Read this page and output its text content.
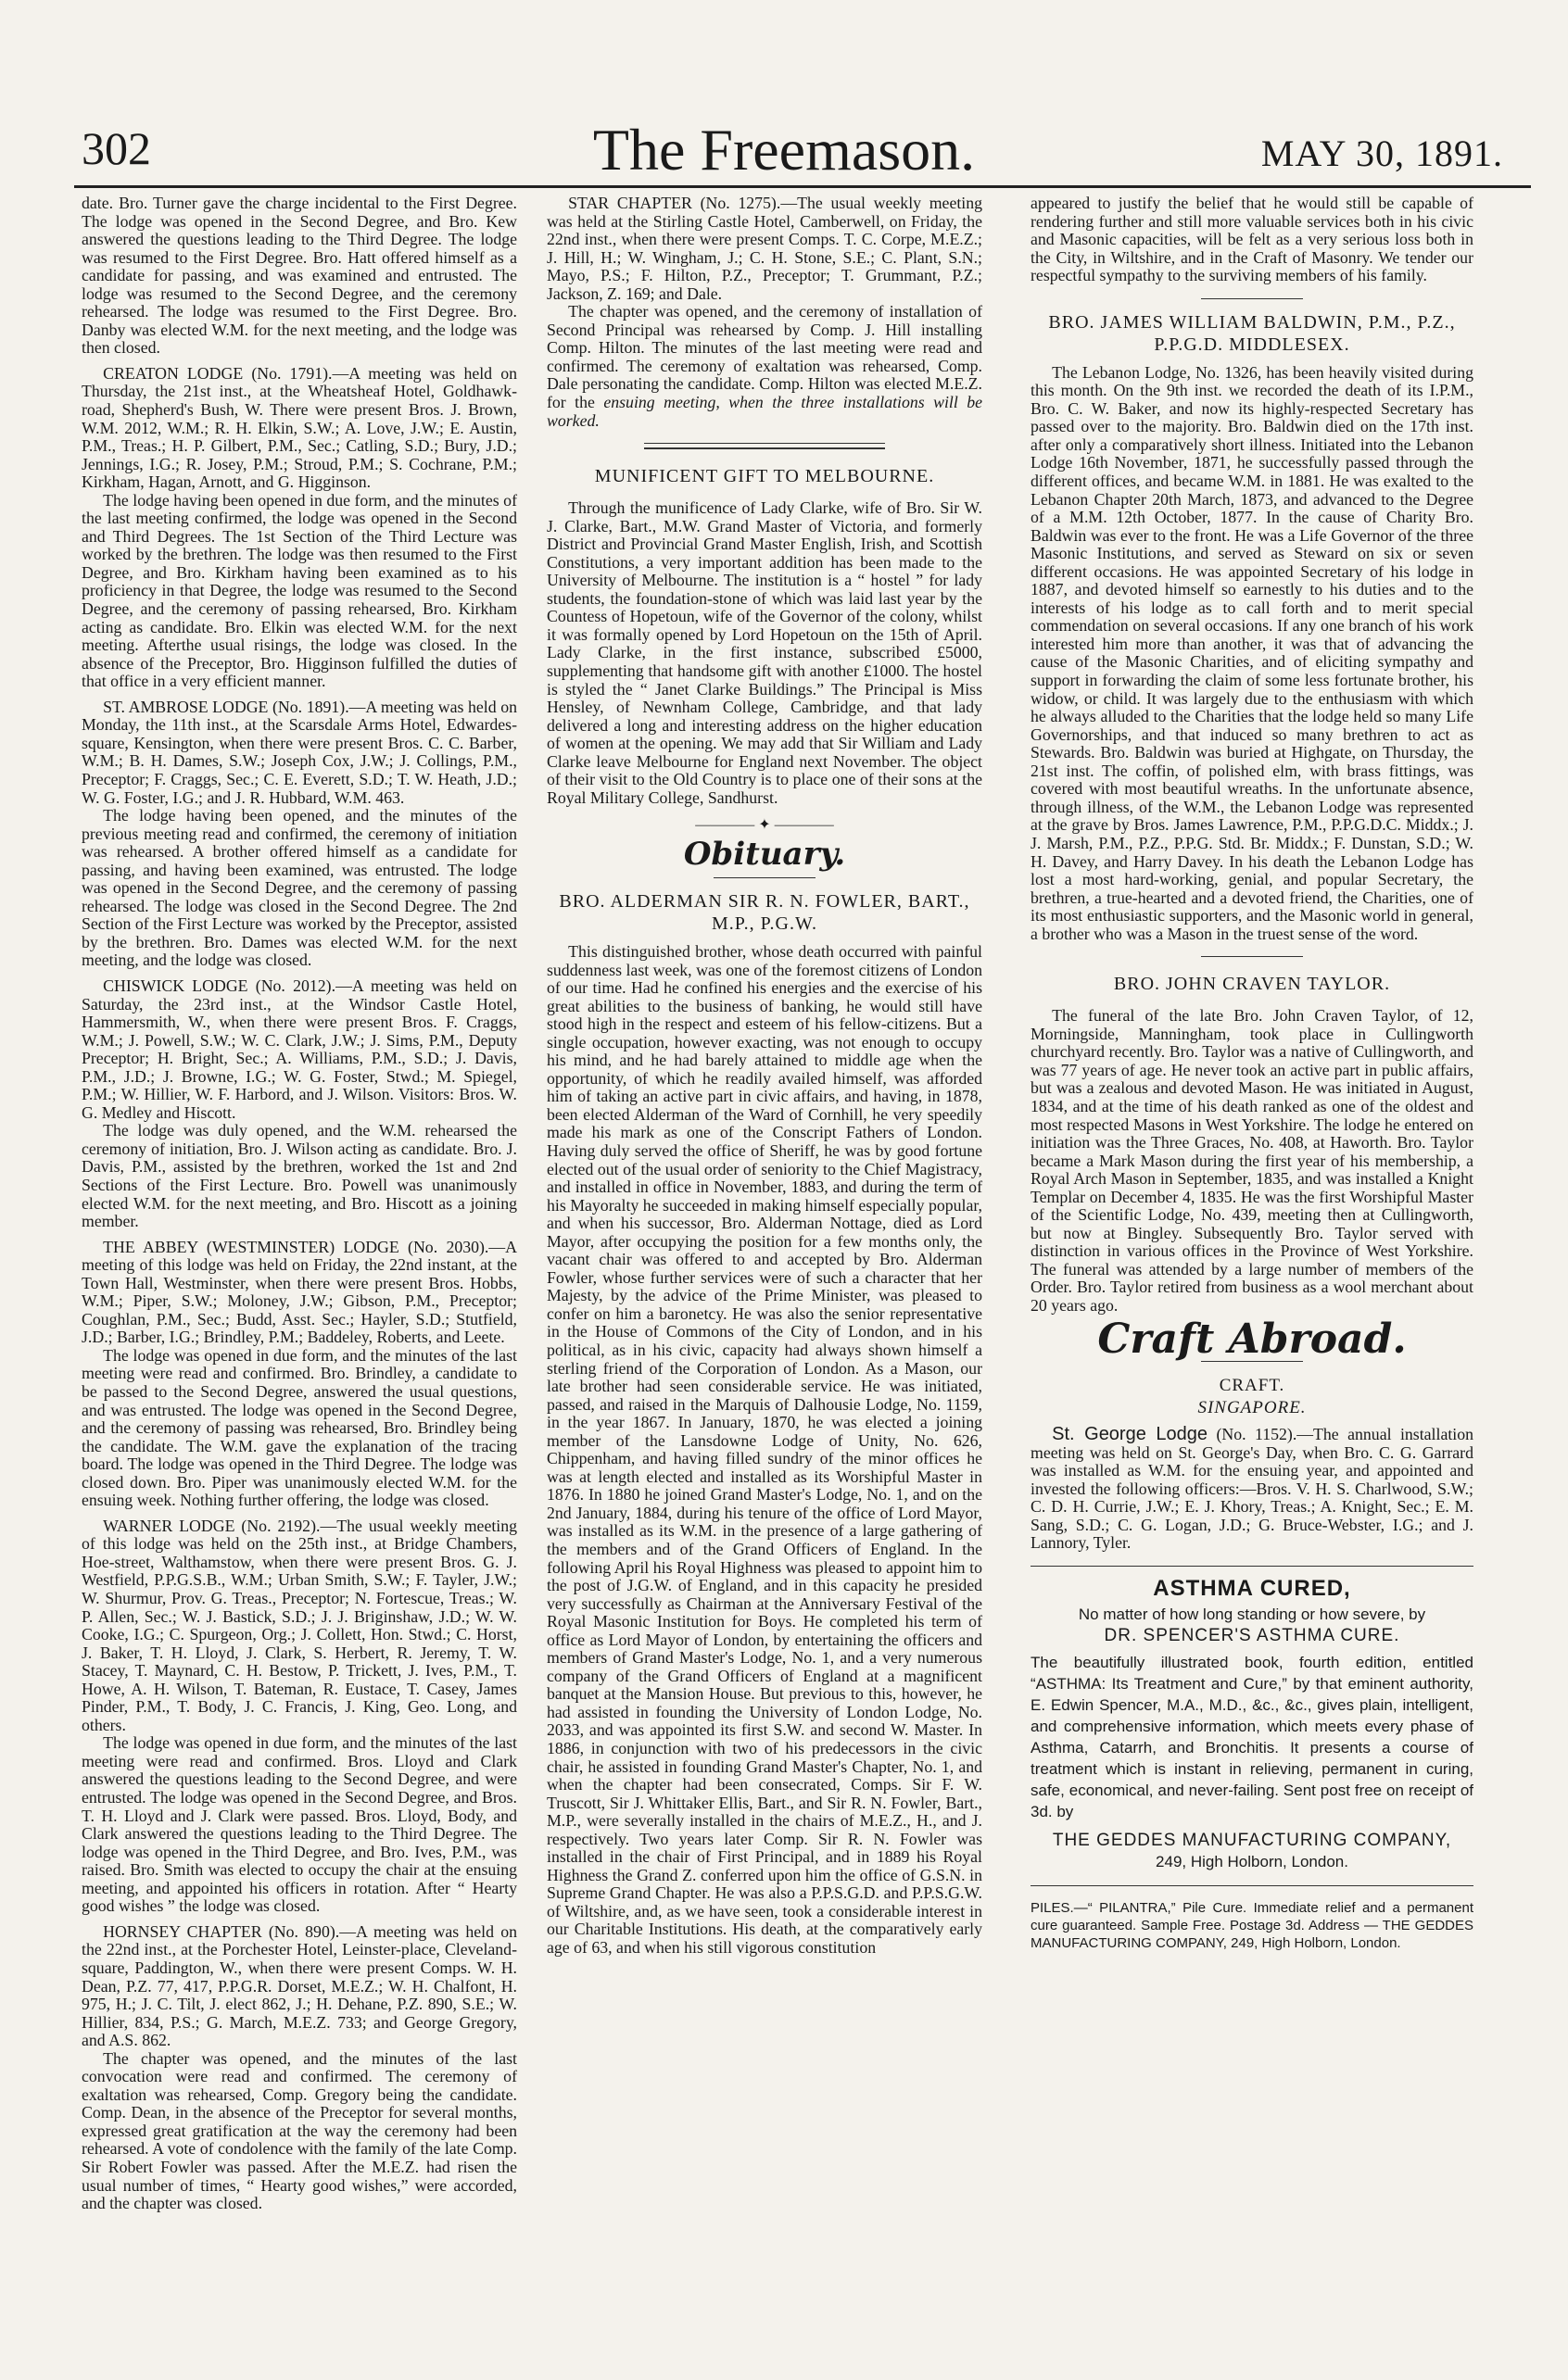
302	The Freemason.	MAY 30, 1891.

date. Bro. Turner gave the charge incidental to the First Degree. The lodge was opened in the Second Degree, and Bro. Kew answered the questions leading to the Third Degree. The lodge was resumed to the First Degree. Bro. Hatt offered himself as a candidate for passing, and was examined and entrusted. The lodge was resumed to the Second Degree, and the ceremony rehearsed. The lodge was resumed to the First Degree. Bro. Danby was elected W.M. for the next meeting, and the lodge was then closed.

CREATON LODGE (No. 1791).—A meeting was held on Thursday, the 21st inst., at the Wheatsheaf Hotel, Goldhawk-road, Shepherd's Bush, W. There were present Bros. J. Brown, W.M. 2012, W.M.; R. H. Elkin, S.W.; A. Love, J.W.; E. Austin, P.M., Treas.; H. P. Gilbert, P.M., Sec.; Catling, S.D.; Bury, J.D.; Jennings, I.G.; R. Josey, P.M.; Stroud, P.M.; S. Cochrane, P.M.; Kirkham, Hagan, Arnott, and G. Higginson.

The lodge having been opened in due form, and the minutes of the last meeting confirmed, the lodge was opened in the Second and Third Degrees. The 1st Section of the Third Lecture was worked by the brethren. The lodge was then resumed to the First Degree, and Bro. Kirkham having been examined as to his proficiency in that Degree, the lodge was resumed to the Second Degree, and the ceremony of passing rehearsed, Bro. Kirkham acting as candidate. Bro. Elkin was elected W.M. for the next meeting. Afterthe usual risings, the lodge was closed. In the absence of the Preceptor, Bro. Higginson fulfilled the duties of that office in a very efficient manner.

ST. AMBROSE LODGE (No. 1891).—A meeting was held on Monday, the 11th inst., at the Scarsdale Arms Hotel, Edwardes-square, Kensington, when there were present Bros. C. C. Barber, W.M.; B. H. Dames, S.W.; Joseph Cox, J.W.; J. Collings, P.M., Preceptor; F. Craggs, Sec.; C. E. Everett, S.D.; T. W. Heath, J.D.; W. G. Foster, I.G.; and J. R. Hubbard, W.M. 463.

The lodge having been opened, and the minutes of the previous meeting read and confirmed, the ceremony of initiation was rehearsed. A brother offered himself as a candidate for passing, and having been examined, was entrusted. The lodge was opened in the Second Degree, and the ceremony of passing rehearsed. The lodge was closed in the Second Degree. The 2nd Section of the First Lecture was worked by the Preceptor, assisted by the brethren. Bro. Dames was elected W.M. for the next meeting, and the lodge was closed.

CHISWICK LODGE (No. 2012).—A meeting was held on Saturday, the 23rd inst., at the Windsor Castle Hotel, Hammersmith, W., when there were present Bros. F. Craggs, W.M.; J. Powell, S.W.; W. C. Clark, J.W.; J. Sims, P.M., Deputy Preceptor; H. Bright, Sec.; A. Williams, P.M., S.D.; J. Davis, P.M., J.D.; J. Browne, I.G.; W. G. Foster, Stwd.; M. Spiegel, P.M.; W. Hillier, W. F. Harbord, and J. Wilson. Visitors: Bros. W. G. Medley and Hiscott.

The lodge was duly opened, and the W.M. rehearsed the ceremony of initiation, Bro. J. Wilson acting as candidate. Bro. J. Davis, P.M., assisted by the brethren, worked the 1st and 2nd Sections of the First Lecture. Bro. Powell was unanimously elected W.M. for the next meeting, and Bro. Hiscott as a joining member.

THE ABBEY (WESTMINSTER) LODGE (No. 2030).—A meeting of this lodge was held on Friday, the 22nd instant, at the Town Hall, Westminster, when there were present Bros. Hobbs, W.M.; Piper, S.W.; Moloney, J.W.; Gibson, P.M., Preceptor; Coughlan, P.M., Sec.; Budd, Asst. Sec.; Hayler, S.D.; Stutfield, J.D.; Barber, I.G.; Brindley, P.M.; Baddeley, Roberts, and Leete.

The lodge was opened in due form, and the minutes of the last meeting were read and confirmed. Bro. Brindley, a candidate to be passed to the Second Degree, answered the usual questions, and was entrusted. The lodge was opened in the Second Degree, and the ceremony of passing was rehearsed, Bro. Brindley being the candidate. The W.M. gave the explanation of the tracing board. The lodge was opened in the Third Degree. The lodge was closed down. Bro. Piper was unanimously elected W.M. for the ensuing week. Nothing further offering, the lodge was closed.

WARNER LODGE (No. 2192).—The usual weekly meeting of this lodge was held on the 25th inst., at Bridge Chambers, Hoe-street, Walthamstow, when there were present Bros. G. J. Westfield, P.P.G.S.B., W.M.; Urban Smith, S.W.; F. Tayler, J.W.; W. Shurmur, Prov. G. Treas., Preceptor; N. Fortescue, Treas.; W. P. Allen, Sec.; W. J. Bastick, S.D.; J. J. Briginshaw, J.D.; W. W. Cooke, I.G.; C. Spurgeon, Org.; J. Collett, Hon. Stwd.; C. Horst, J. Baker, T. H. Lloyd, J. Clark, S. Herbert, R. Jeremy, T. W. Stacey, T. Maynard, C. H. Bestow, P. Trickett, J. Ives, P.M., T. Howe, A. H. Wilson, T. Bateman, R. Eustace, T. Casey, James Pinder, P.M., T. Body, J. C. Francis, J. King, Geo. Long, and others.

The lodge was opened in due form, and the minutes of the last meeting were read and confirmed. Bros. Lloyd and Clark answered the questions leading to the Second Degree, and were entrusted. The lodge was opened in the Second Degree, and Bros. T. H. Lloyd and J. Clark were passed. Bros. Lloyd, Body, and Clark answered the questions leading to the Third Degree. The lodge was opened in the Third Degree, and Bro. Ives, P.M., was raised. Bro. Smith was elected to occupy the chair at the ensuing meeting, and appointed his officers in rotation. After “ Hearty good wishes ” the lodge was closed.

HORNSEY CHAPTER (No. 890).—A meeting was held on the 22nd inst., at the Porchester Hotel, Leinster-place, Cleveland-square, Paddington, W., when there were present Comps. W. H. Dean, P.Z. 77, 417, P.P.G.R. Dorset, M.E.Z.; W. H. Chalfont, H. 975, H.; J. C. Tilt, J. elect 862, J.; H. Dehane, P.Z. 890, S.E.; W. Hillier, 834, P.S.; G. March, M.E.Z. 733; and George Gregory, and A.S. 862.

The chapter was opened, and the minutes of the last convocation were read and confirmed. The ceremony of exaltation was rehearsed, Comp. Gregory being the candidate. Comp. Dean, in the absence of the Preceptor for several months, expressed great gratification at the way the ceremony had been rehearsed. A vote of condolence with the family of the late Comp. Sir Robert Fowler was passed. After the M.E.Z. had risen the usual number of times, “ Hearty good wishes,” were accorded, and the chapter was closed.

STAR CHAPTER (No. 1275).—The usual weekly meeting was held at the Stirling Castle Hotel, Camberwell, on Friday, the 22nd inst., when there were present Comps. T. C. Corpe, M.E.Z.; J. Hill, H.; W. Wingham, J.; C. H. Stone, S.E.; C. Plant, S.N.; Mayo, P.S.; F. Hilton, P.Z., Preceptor; T. Grummant, P.Z.; Jackson, Z. 169; and Dale.

The chapter was opened, and the ceremony of installation of Second Principal was rehearsed by Comp. J. Hill installing Comp. Hilton. The minutes of the last meeting were read and confirmed. The ceremony of exaltation was rehearsed, Comp. Dale personating the candidate. Comp. Hilton was elected M.E.Z. for the ensuing meeting, when the three installations will be worked.

MUNIFICENT GIFT TO MELBOURNE.

Through the munificence of Lady Clarke, wife of Bro. Sir W. J. Clarke, Bart., M.W. Grand Master of Victoria, and formerly District and Provincial Grand Master English, Irish, and Scottish Constitutions, a very important addition has been made to the University of Melbourne. The institution is a “ hostel ” for lady students, the foundation-stone of which was laid last year by the Countess of Hopetoun, wife of the Governor of the colony, whilst it was formally opened by Lord Hopetoun on the 15th of April. Lady Clarke, in the first instance, subscribed £5000, supplementing that handsome gift with another £1000. The hostel is styled the “ Janet Clarke Buildings.” The Principal is Miss Hensley, of Newnham College, Cambridge, and that lady delivered a long and interesting address on the higher education of women at the opening. We may add that Sir William and Lady Clarke leave Melbourne for England next November. The object of their visit to the Old Country is to place one of their sons at the Royal Military College, Sandhurst.

———— ✦ ————
Obituary.
BRO. ALDERMAN SIR R. N. FOWLER, BART.,
M.P., P.G.W.

This distinguished brother, whose death occurred with painful suddenness last week, was one of the foremost citizens of London of our time. Had he confined his energies and the exercise of his great abilities to the business of banking, he would still have stood high in the respect and esteem of his fellow-citizens. But a single occupation, however exacting, was not enough to occupy his mind, and he had barely attained to middle age when the opportunity, of which he readily availed himself, was afforded him of taking an active part in civic affairs, and having, in 1878, been elected Alderman of the Ward of Cornhill, he very speedily made his mark as one of the Conscript Fathers of London. Having duly served the office of Sheriff, he was by good fortune elected out of the usual order of seniority to the Chief Magistracy, and installed in office in November, 1883, and during the term of his Mayoralty he succeeded in making himself especially popular, and when his successor, Bro. Alderman Nottage, died as Lord Mayor, after occupying the position for a few months only, the vacant chair was offered to and accepted by Bro. Alderman Fowler, whose further services were of such a character that her Majesty, by the advice of the Prime Minister, was pleased to confer on him a baronetcy. He was also the senior representative in the House of Commons of the City of London, and in his political, as in his civic, capacity had always shown himself a sterling friend of the Corporation of London. As a Mason, our late brother had seen considerable service. He was initiated, passed, and raised in the Marquis of Dalhousie Lodge, No. 1159, in the year 1867. In January, 1870, he was elected a joining member of the Lansdowne Lodge of Unity, No. 626, Chippenham, and having filled sundry of the minor offices he was at length elected and installed as its Worshipful Master in 1876. In 1880 he joined Grand Master's Lodge, No. 1, and on the 2nd January, 1884, during his tenure of the office of Lord Mayor, was installed as its W.M. in the presence of a large gathering of the members and of the Grand Officers of England. In the following April his Royal Highness was pleased to appoint him to the post of J.G.W. of England, and in this capacity he presided very successfully as Chairman at the Anniversary Festival of the Royal Masonic Institution for Boys. He completed his term of office as Lord Mayor of London, by entertaining the officers and members of Grand Master's Lodge, No. 1, and a very numerous company of the Grand Officers of England at a magnificent banquet at the Mansion House. But previous to this, however, he had assisted in founding the University of London Lodge, No. 2033, and was appointed its first S.W. and second W. Master. In 1886, in conjunction with two of his predecessors in the civic chair, he assisted in founding Grand Master's Chapter, No. 1, and when the chapter had been consecrated, Comps. Sir F. W. Truscott, Sir J. Whittaker Ellis, Bart., and Sir R. N. Fowler, Bart., M.P., were severally installed in the chairs of M.E.Z., H., and J. respectively. Two years later Comp. Sir R. N. Fowler was installed in the chair of First Principal, and in 1889 his Royal Highness the Grand Z. conferred upon him the office of G.S.N. in Supreme Grand Chapter. He was also a P.P.S.G.D. and P.P.S.G.W. of Wiltshire, and, as we have seen, took a considerable interest in our Charitable Institutions. His death, at the comparatively early age of 63, and when his still vigorous constitution

appeared to justify the belief that he would still be capable of rendering further and still more valuable services both in his civic and Masonic capacities, will be felt as a very serious loss both in the City, in Wiltshire, and in the Craft of Masonry. We tender our respectful sympathy to the surviving members of his family.

BRO. JAMES WILLIAM BALDWIN, P.M., P.Z.,
P.P.G.D. MIDDLESEX.

The Lebanon Lodge, No. 1326, has been heavily visited during this month. On the 9th inst. we recorded the death of its I.P.M., Bro. C. W. Baker, and now its highly-respected Secretary has passed over to the majority. Bro. Baldwin died on the 17th inst. after only a comparatively short illness. Initiated into the Lebanon Lodge 16th November, 1871, he successfully passed through the different offices, and became W.M. in 1881. He was exalted to the Lebanon Chapter 20th March, 1873, and advanced to the Degree of a M.M. 12th October, 1877. In the cause of Charity Bro. Baldwin was ever to the front. He was a Life Governor of the three Masonic Institutions, and served as Steward on six or seven different occasions. He was appointed Secretary of his lodge in 1887, and devoted himself so earnestly to his duties and to the interests of his lodge as to call forth and to merit special commendation on several occasions. If any one branch of his work interested him more than another, it was that of advancing the cause of the Masonic Charities, and of eliciting sympathy and support in forwarding the claim of some less fortunate brother, his widow, or child. It was largely due to the enthusiasm with which he always alluded to the Charities that the lodge held so many Life Governorships, and that induced so many brethren to act as Stewards. Bro. Baldwin was buried at Highgate, on Thursday, the 21st inst. The coffin, of polished elm, with brass fittings, was covered with most beautiful wreaths. In the unfortunate absence, through illness, of the W.M., the Lebanon Lodge was represented at the grave by Bros. James Lawrence, P.M., P.P.G.D.C. Middx.; J. J. Marsh, P.M., P.Z., P.P.G. Std. Br. Middx.; F. Dunstan, S.D.; W. H. Davey, and Harry Davey. In his death the Lebanon Lodge has lost a most hard-working, genial, and popular Secretary, the brethren, a true-hearted and a devoted friend, the Charities, one of its most enthusiastic supporters, and the Masonic world in general, a brother who was a Mason in the truest sense of the word.

BRO. JOHN CRAVEN TAYLOR.

The funeral of the late Bro. John Craven Taylor, of 12, Morningside, Manningham, took place in Cullingworth churchyard recently. Bro. Taylor was a native of Cullingworth, and was 77 years of age. He never took an active part in public affairs, but was a zealous and devoted Mason. He was initiated in August, 1834, and at the time of his death ranked as one of the oldest and most respected Masons in West Yorkshire. The lodge he entered on initiation was the Three Graces, No. 408, at Haworth. Bro. Taylor became a Mark Mason during the first year of his membership, a Royal Arch Mason in September, 1835, and was installed a Knight Templar on December 4, 1835. He was the first Worshipful Master of the Scientific Lodge, No. 439, meeting then at Cullingworth, but now at Bingley. Subsequently Bro. Taylor served with distinction in various offices in the Province of West Yorkshire. The funeral was attended by a large number of members of the Order. Bro. Taylor retired from business as a wool merchant about 20 years ago.

Craft Abroad.
CRAFT.
SINGAPORE.

St. George Lodge (No. 1152).—The annual installation meeting was held on St. George's Day, when Bro. C. G. Garrard was installed as W.M. for the ensuing year, and appointed and invested the following officers:—Bros. V. H. S. Charlwood, S.W.; C. D. H. Currie, J.W.; E. J. Khory, Treas.; A. Knight, Sec.; E. M. Sang, S.D.; C. G. Logan, J.D.; G. Bruce-Webster, I.G.; and J. Lannory, Tyler.

ASTHMA CURED,

No matter of how long standing or how severe, by

DR. SPENCER'S ASTHMA CURE.

The beautifully illustrated book, fourth edition, entitled “ASTHMA: Its Treatment and Cure,” by that eminent authority, E. Edwin Spencer, M.A., M.D., &c., &c., gives plain, intelligent, and comprehensive information, which meets every phase of Asthma, Catarrh, and Bronchitis. It presents a course of treatment which is instant in relieving, permanent in curing, safe, economical, and never-failing. Sent post free on receipt of 3d. by

THE GEDDES MANUFACTURING COMPANY,

249, High Holborn, London.

PILES.—“ PILANTRA,” Pile Cure. Immediate relief and a permanent cure guaranteed. Sample Free. Postage 3d. Address — THE GEDDES MANUFACTURING COMPANY, 249, High Holborn, London.
